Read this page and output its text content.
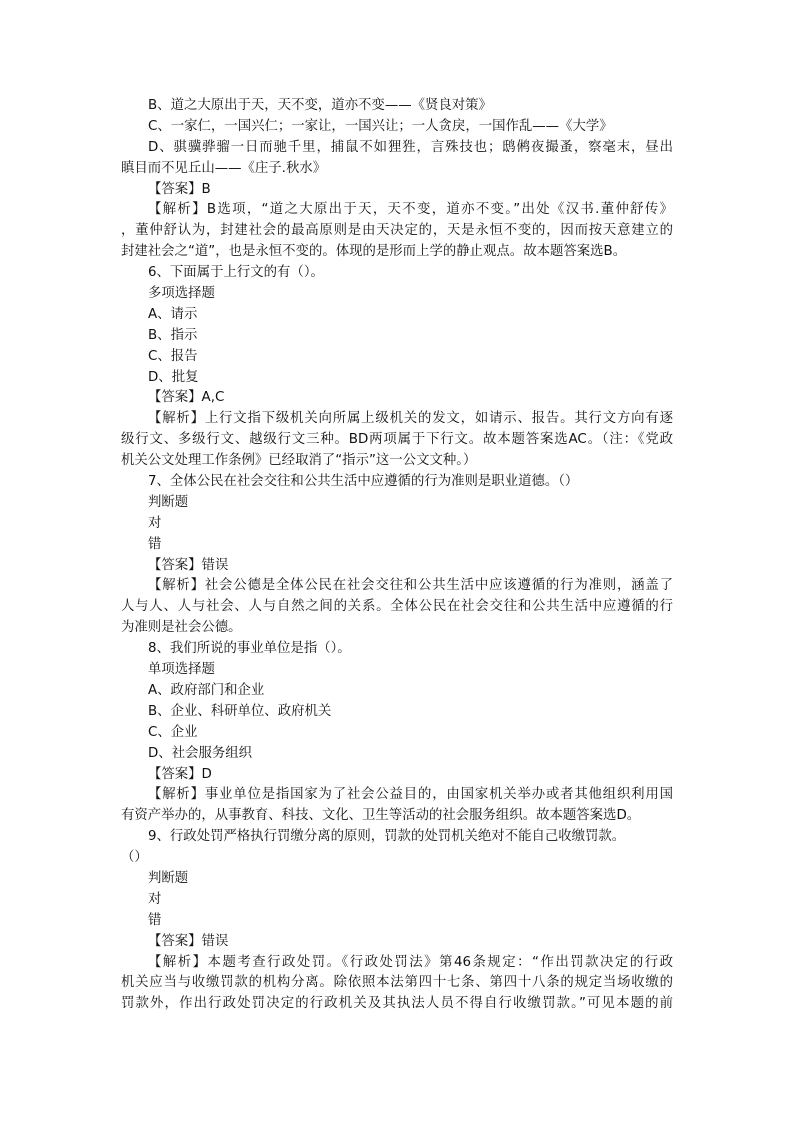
B、道之大原出于天，天不变，道亦不变——《贤良对策》
C、一家仁，一国兴仁；一家让，一国兴让；一人贪戾，一国作乱——《大学》
D、骐骥骅骝一日而驰千里，捕鼠不如狸狌，言殊技也；鸱鸺夜撮蚤，察毫末，昼出
瞋目而不见丘山——《庄子.秋水》
【答案】B
【解析】B选项，“道之大原出于天，天不变，道亦不变。”出处《汉书.董仲舒传》
，董仲舒认为，封建社会的最高原则是由天决定的，天是永恒不变的，因而按天意建立的
封建社会之“道”，也是永恒不变的。体现的是形而上学的静止观点。故本题答案选B。
6、下面属于上行文的有（）。
多项选择题
A、请示
B、指示
C、报告
D、批复
【答案】A,C
【解析】上行文指下级机关向所属上级机关的发文，如请示、报告。其行文方向有逐
级行文、多级行文、越级行文三种。BD两项属于下行文。故本题答案选AC。（注：《党政
机关公文处理工作条例》已经取消了“指示”这一公文文种。）
7、全体公民在社会交往和公共生活中应遵循的行为准则是职业道德。（）
判断题
对
错
【答案】错误
【解析】社会公德是全体公民在社会交往和公共生活中应该遵循的行为准则，涵盖了
人与人、人与社会、人与自然之间的关系。全体公民在社会交往和公共生活中应遵循的行
为准则是社会公德。
8、我们所说的事业单位是指（）。
单项选择题
A、政府部门和企业
B、企业、科研单位、政府机关
C、企业
D、社会服务组织
【答案】D
【解析】事业单位是指国家为了社会公益目的，由国家机关举办或者其他组织利用国
有资产举办的，从事教育、科技、文化、卫生等活动的社会服务组织。故本题答案选D。
9、行政处罚严格执行罚缴分离的原则，罚款的处罚机关绝对不能自己收缴罚款。
（）
判断题
对
错
【答案】错误
【解析】本题考查行政处罚。《行政处罚法》第46条规定：“作出罚款决定的行政
机关应当与收缴罚款的机构分离。除依照本法第四十七条、第四十八条的规定当场收缴的
罚款外，作出行政处罚决定的行政机关及其执法人员不得自行收缴罚款。”可见本题的前
